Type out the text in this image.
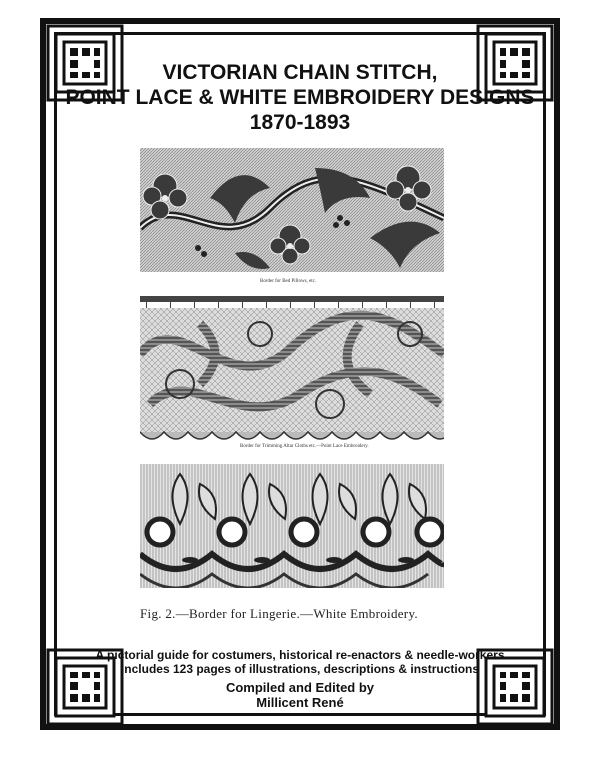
VICTORIAN CHAIN STITCH,
POINT LACE & WHITE EMBROIDERY DESIGNS
1870-1893
Border for Bed Pillows, etc.
Border for Trimming Altar Cloths etc.—Point Lace Embroidery.
Fig. 2.—Border for Lingerie.—White Embroidery.
A pictorial guide for costumers, historical re-enactors & needle-workers
Includes 123 pages of illustrations, descriptions & instructions
Compiled and Edited by
Millicent René
